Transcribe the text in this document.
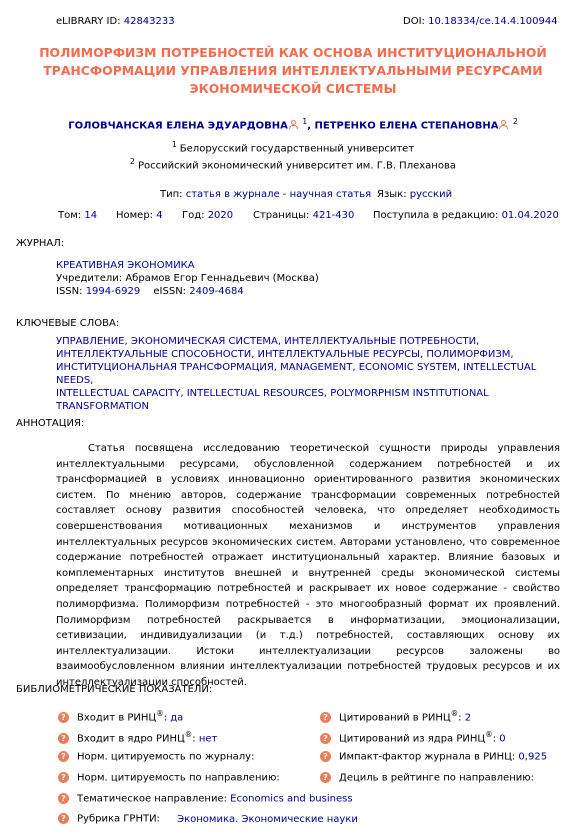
eLIBRARY ID: 42843233	DOI: 10.18334/ce.14.4.100944
ПОЛИМОРФИЗМ ПОТРЕБНОСТЕЙ КАК ОСНОВА ИНСТИТУЦИОНАЛЬНОЙ ТРАНСФОРМАЦИИ УПРАВЛЕНИЯ ИНТЕЛЛЕКТУАЛЬНЫМИ РЕСУРСАМИ ЭКОНОМИЧЕСКОЙ СИСТЕМЫ
ГОЛОВЧАНСКАЯ ЕЛЕНА ЭДУАРДОВНА $^1$, ПЕТРЕНКО ЕЛЕНА СТЕПАНОВНА $^2$
$^1$ Белорусский государственный университет
$^2$ Российский экономический университет им. Г.В. Плеханова
Тип: статья в журнале - научная статья Язык: русский
Том: 14 Номер: 4 Год: 2020 Страницы: 421-430 Поступила в редакцию: 01.04.2020
ЖУРНАЛ:
КРЕАТИВНАЯ ЭКОНОМИКА
Учредители: Абрамов Егор Геннадьевич (Москва)
ISSN: 1994-6929 eISSN: 2409-4684
КЛЮЧЕВЫЕ СЛОВА:
УПРАВЛЕНИЕ, ЭКОНОМИЧЕСКАЯ СИСТЕМА, ИНТЕЛЛЕКТУАЛЬНЫЕ ПОТРЕБНОСТИ,
ИНТЕЛЛЕКТУАЛЬНЫЕ СПОСОБНОСТИ, ИНТЕЛЛЕКТУАЛЬНЫЕ РЕСУРСЫ, ПОЛИМОРФИЗМ,
ИНСТИТУЦИОНАЛЬНАЯ ТРАНСФОРМАЦИЯ, MANAGEMENT, ECONOMIC SYSTEM, INTELLECTUAL NEEDS,
INTELLECTUAL CAPACITY, INTELLECTUAL RESOURCES, POLYMORPHISM INSTITUTIONAL
TRANSFORMATION
АННОТАЦИЯ:
Статья посвящена исследованию теоретической сущности природы управления интеллектуальными ресурсами, обусловленной содержанием потребностей и их трансформацией в условиях инновационно ориентированного развития экономических систем. По мнению авторов, содержание трансформации современных потребностей составляет основу развития способностей человека, что определяет необходимость совершенствования мотивационных механизмов и инструментов управления интеллектуальных ресурсов экономических систем. Авторами установлено, что современное содержание потребностей отражает институциональный характер. Влияние базовых и комплементарных институтов внешней и внутренней среды экономической системы определяет трансформацию потребностей и раскрывает их новое содержание - свойство полиморфизма. Полиморфизм потребностей - это многообразный формат их проявлений. Полиморфизм потребностей раскрывается в информатизации, эмоционализации, сетивизации, индивидуализации (и т.д.) потребностей, составляющих основу их интеллектуализации. Истоки интеллектуализации ресурсов заложены во взаимообусловленном влиянии интеллектуализации потребностей трудовых ресурсов и их интеллектуализации способностей.
БИБЛИОМЕТРИЧЕСКИЕ ПОКАЗАТЕЛИ:
? Входит в РИНЦ®: да
? Входит в ядро РИНЦ®: нет
? Норм. цитируемость по журналу:
? Норм. цитируемость по направлению:
? Цитирований в РИНЦ®: 2
? Цитирований из ядра РИНЦ®: 0
? Импакт-фактор журнала в РИНЦ: 0,925
? Дециль в рейтинге по направлению:
? Тематическое направление: Economics and business
? Рубрика ГРНТИ: Экономика. Экономические науки
